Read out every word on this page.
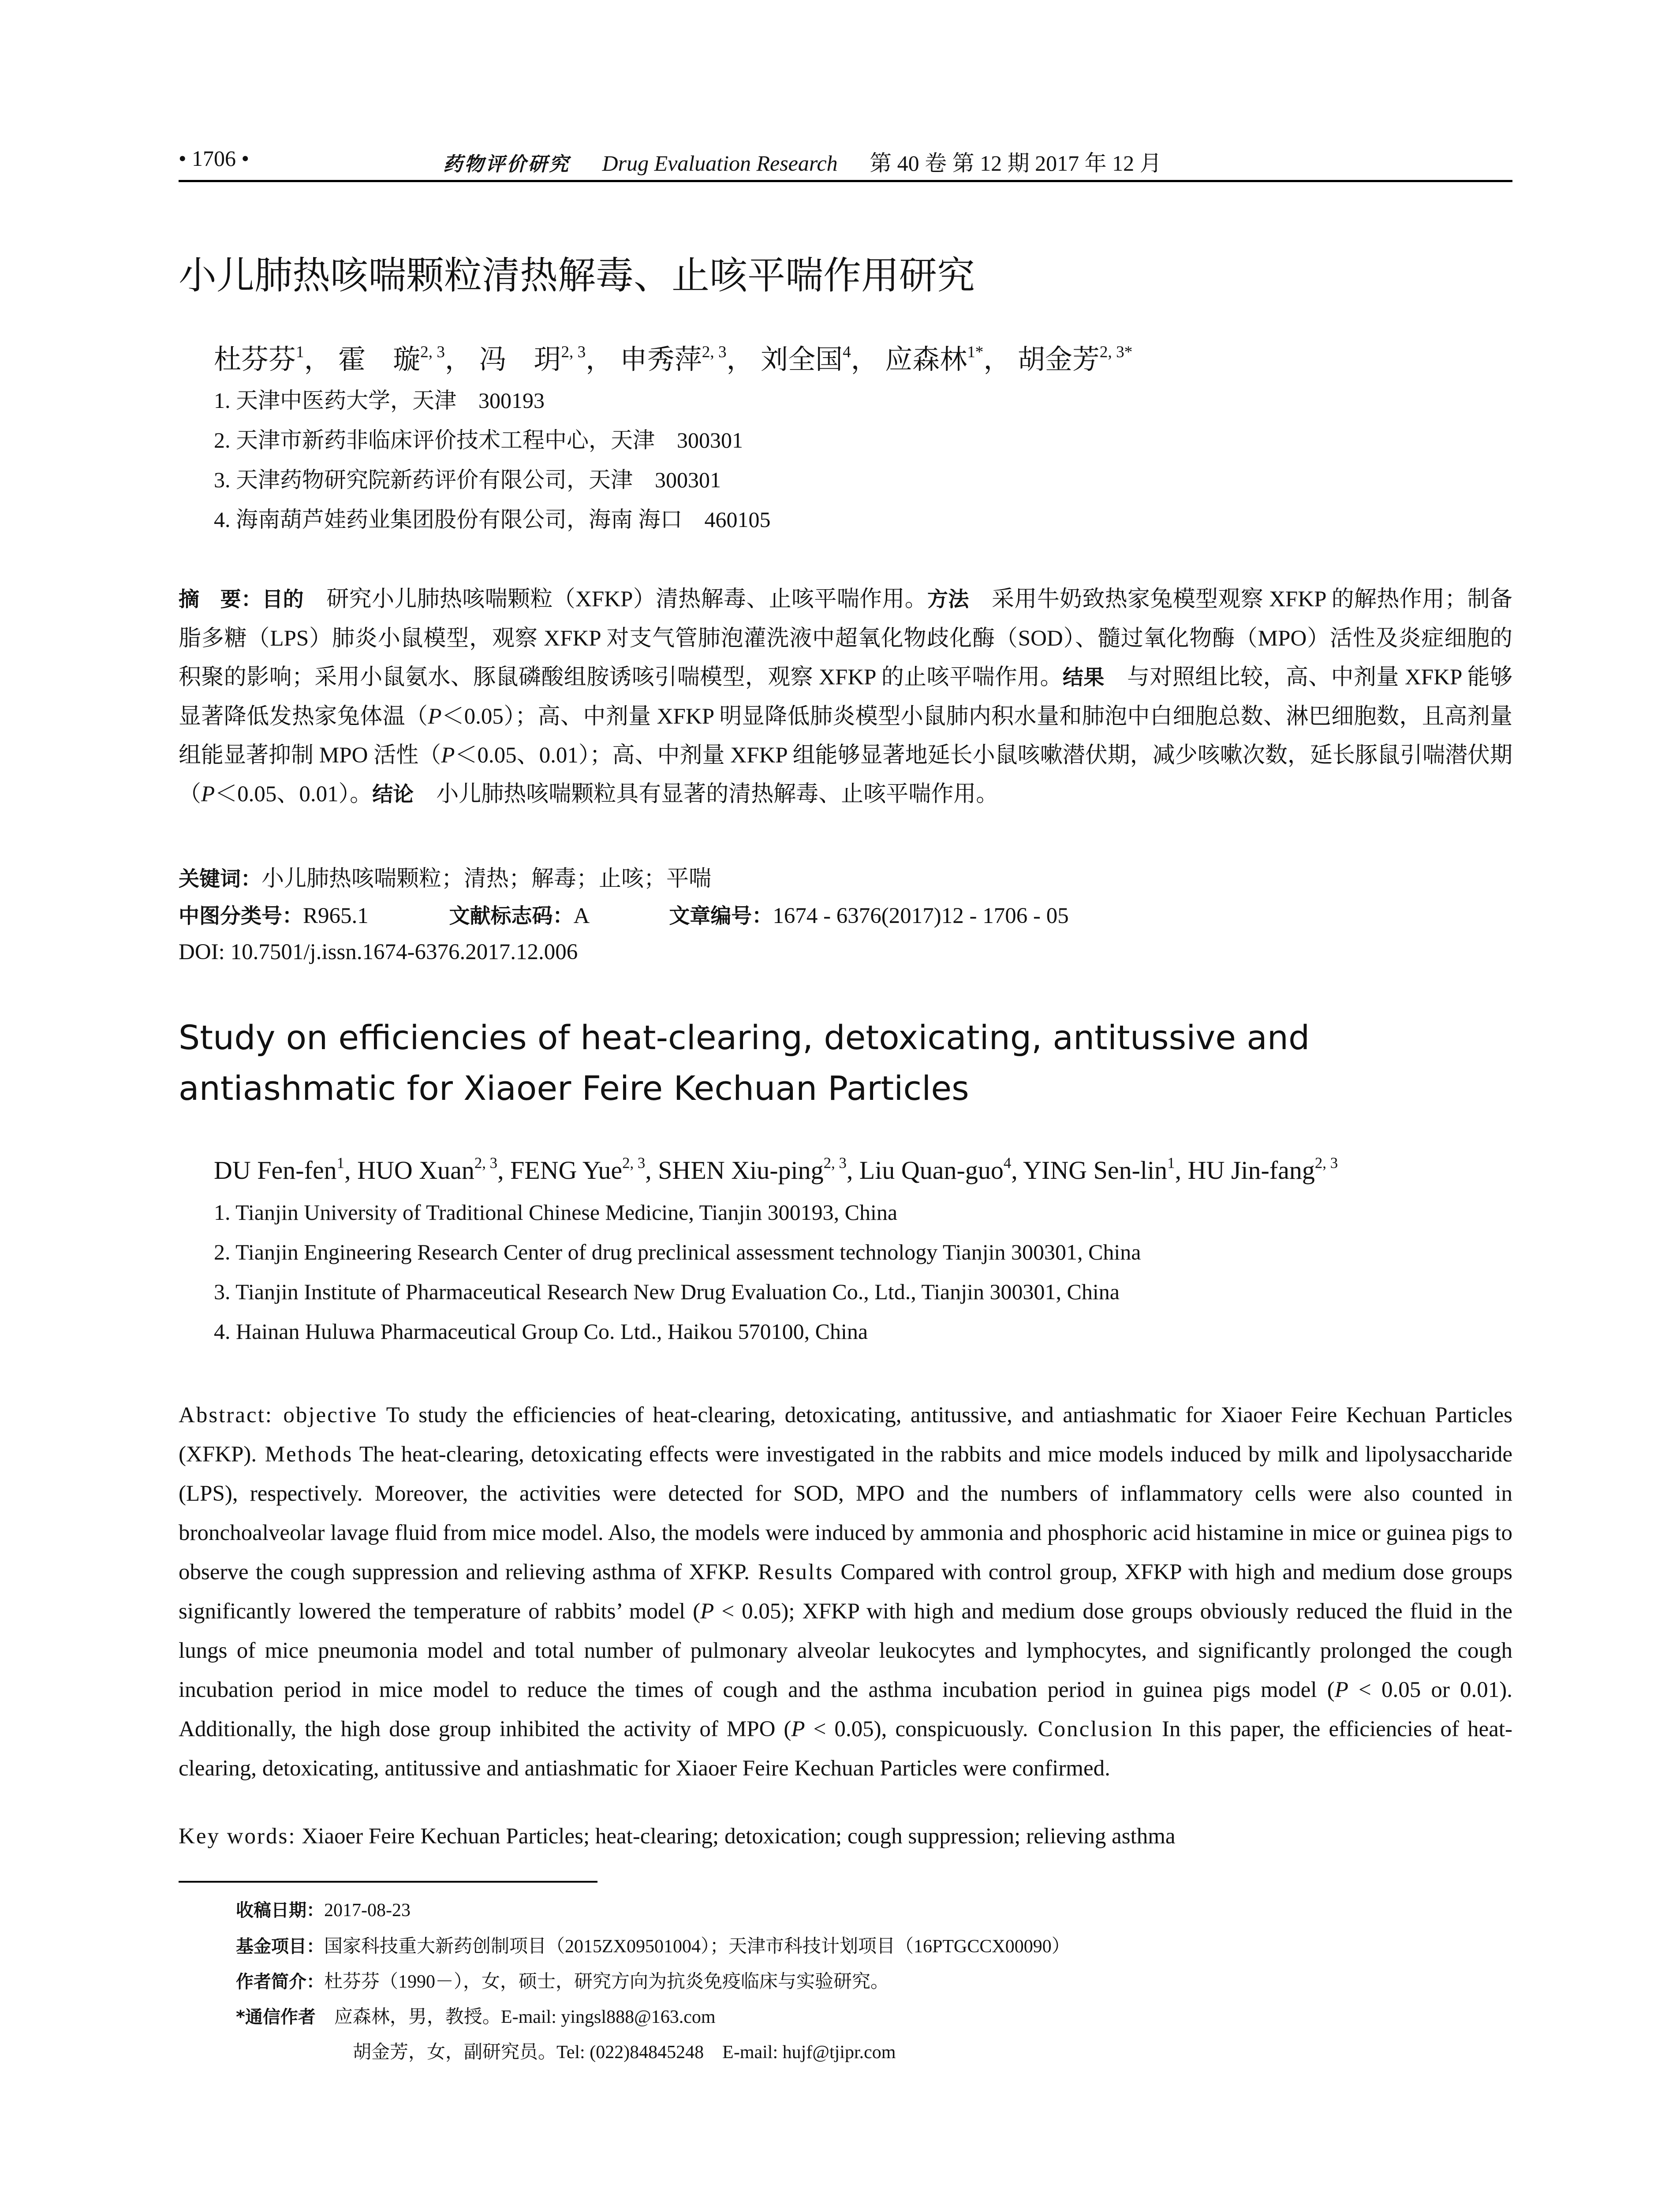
• 1706 •	药物评价研究 Drug Evaluation Research 第 40 卷 第 12 期 2017 年 12 月
小儿肺热咳喘颗粒清热解毒、止咳平喘作用研究
杜芬芬$^1$， 霍　璇$^{2, 3}$， 冯　玥$^{2, 3}$， 申秀萍$^{2, 3}$， 刘全国$^4$， 应森林$^{1*}$， 胡金芳$^{2, 3*}$
1. 天津中医药大学，天津　300193
2. 天津市新药非临床评价技术工程中心，天津　300301
3. 天津药物研究院新药评价有限公司，天津　300301
4. 海南葫芦娃药业集团股份有限公司，海南 海口　460105
摘　要：目的　研究小儿肺热咳喘颗粒（XFKP）清热解毒、止咳平喘作用。方法　采用牛奶致热家兔模型观察 XFKP 的解热作用；制备脂多糖（LPS）肺炎小鼠模型，观察 XFKP 对支气管肺泡灌洗液中超氧化物歧化酶（SOD）、髓过氧化物酶（MPO）活性及炎症细胞的积聚的影响；采用小鼠氨水、豚鼠磷酸组胺诱咳引喘模型，观察 XFKP 的止咳平喘作用。结果　与对照组比较，高、中剂量 XFKP 能够显著降低发热家兔体温（P＜0.05）；高、中剂量 XFKP 明显降低肺炎模型小鼠肺内积水量和肺泡中白细胞总数、淋巴细胞数，且高剂量组能显著抑制 MPO 活性（P＜0.05、0.01）；高、中剂量 XFKP 组能够显著地延长小鼠咳嗽潜伏期，减少咳嗽次数，延长豚鼠引喘潜伏期（P＜0.05、0.01）。结论　小儿肺热咳喘颗粒具有显著的清热解毒、止咳平喘作用。
关键词：小儿肺热咳喘颗粒；清热；解毒；止咳；平喘
中图分类号：R965.1	文献标志码：A	文章编号：1674 - 6376(2017)12 - 1706 - 05
DOI: 10.7501/j.issn.1674-6376.2017.12.006
Study on efficiencies of heat-clearing, detoxicating, antitussive and antiashmatic for Xiaoer Feire Kechuan Particles
DU Fen-fen$^1$, HUO Xuan$^{2, 3}$, FENG Yue$^{2, 3}$, SHEN Xiu-ping$^{2, 3}$, Liu Quan-guo$^4$, YING Sen-lin$^1$, HU Jin-fang$^{2, 3}$
1. Tianjin University of Traditional Chinese Medicine, Tianjin 300193, China
2. Tianjin Engineering Research Center of drug preclinical assessment technology Tianjin 300301, China
3. Tianjin Institute of Pharmaceutical Research New Drug Evaluation Co., Ltd., Tianjin 300301, China
4. Hainan Huluwa Pharmaceutical Group Co. Ltd., Haikou 570100, China
Abstract: objective To study the efficiencies of heat-clearing, detoxicating, antitussive, and antiashmatic for Xiaoer Feire Kechuan Particles (XFKP). Methods The heat-clearing, detoxicating effects were investigated in the rabbits and mice models induced by milk and lipolysaccharide (LPS), respectively. Moreover, the activities were detected for SOD, MPO and the numbers of inflammatory cells were also counted in bronchoalveolar lavage fluid from mice model. Also, the models were induced by ammonia and phosphoric acid histamine in mice or guinea pigs to observe the cough suppression and relieving asthma of XFKP. Results Compared with control group, XFKP with high and medium dose groups significantly lowered the temperature of rabbits’ model (P < 0.05); XFKP with high and medium dose groups obviously reduced the fluid in the lungs of mice pneumonia model and total number of pulmonary alveolar leukocytes and lymphocytes, and significantly prolonged the cough incubation period in mice model to reduce the times of cough and the asthma incubation period in guinea pigs model (P < 0.05 or 0.01). Additionally, the high dose group inhibited the activity of MPO (P < 0.05), conspicuously. Conclusion In this paper, the efficiencies of heat-clearing, detoxicating, antitussive and antiashmatic for Xiaoer Feire Kechuan Particles were confirmed.
Key words: Xiaoer Feire Kechuan Particles; heat-clearing; detoxication; cough suppression; relieving asthma
收稿日期：2017-08-23
基金项目：国家科技重大新药创制项目（2015ZX09501004）；天津市科技计划项目（16PTGCCX00090）
作者简介：杜芬芬（1990－），女，硕士，研究方向为抗炎免疫临床与实验研究。
*通信作者　应森林，男，教授。E-mail: yingsl888@163.com
胡金芳，女，副研究员。Tel: (022)84845248　E-mail: hujf@tjipr.com
